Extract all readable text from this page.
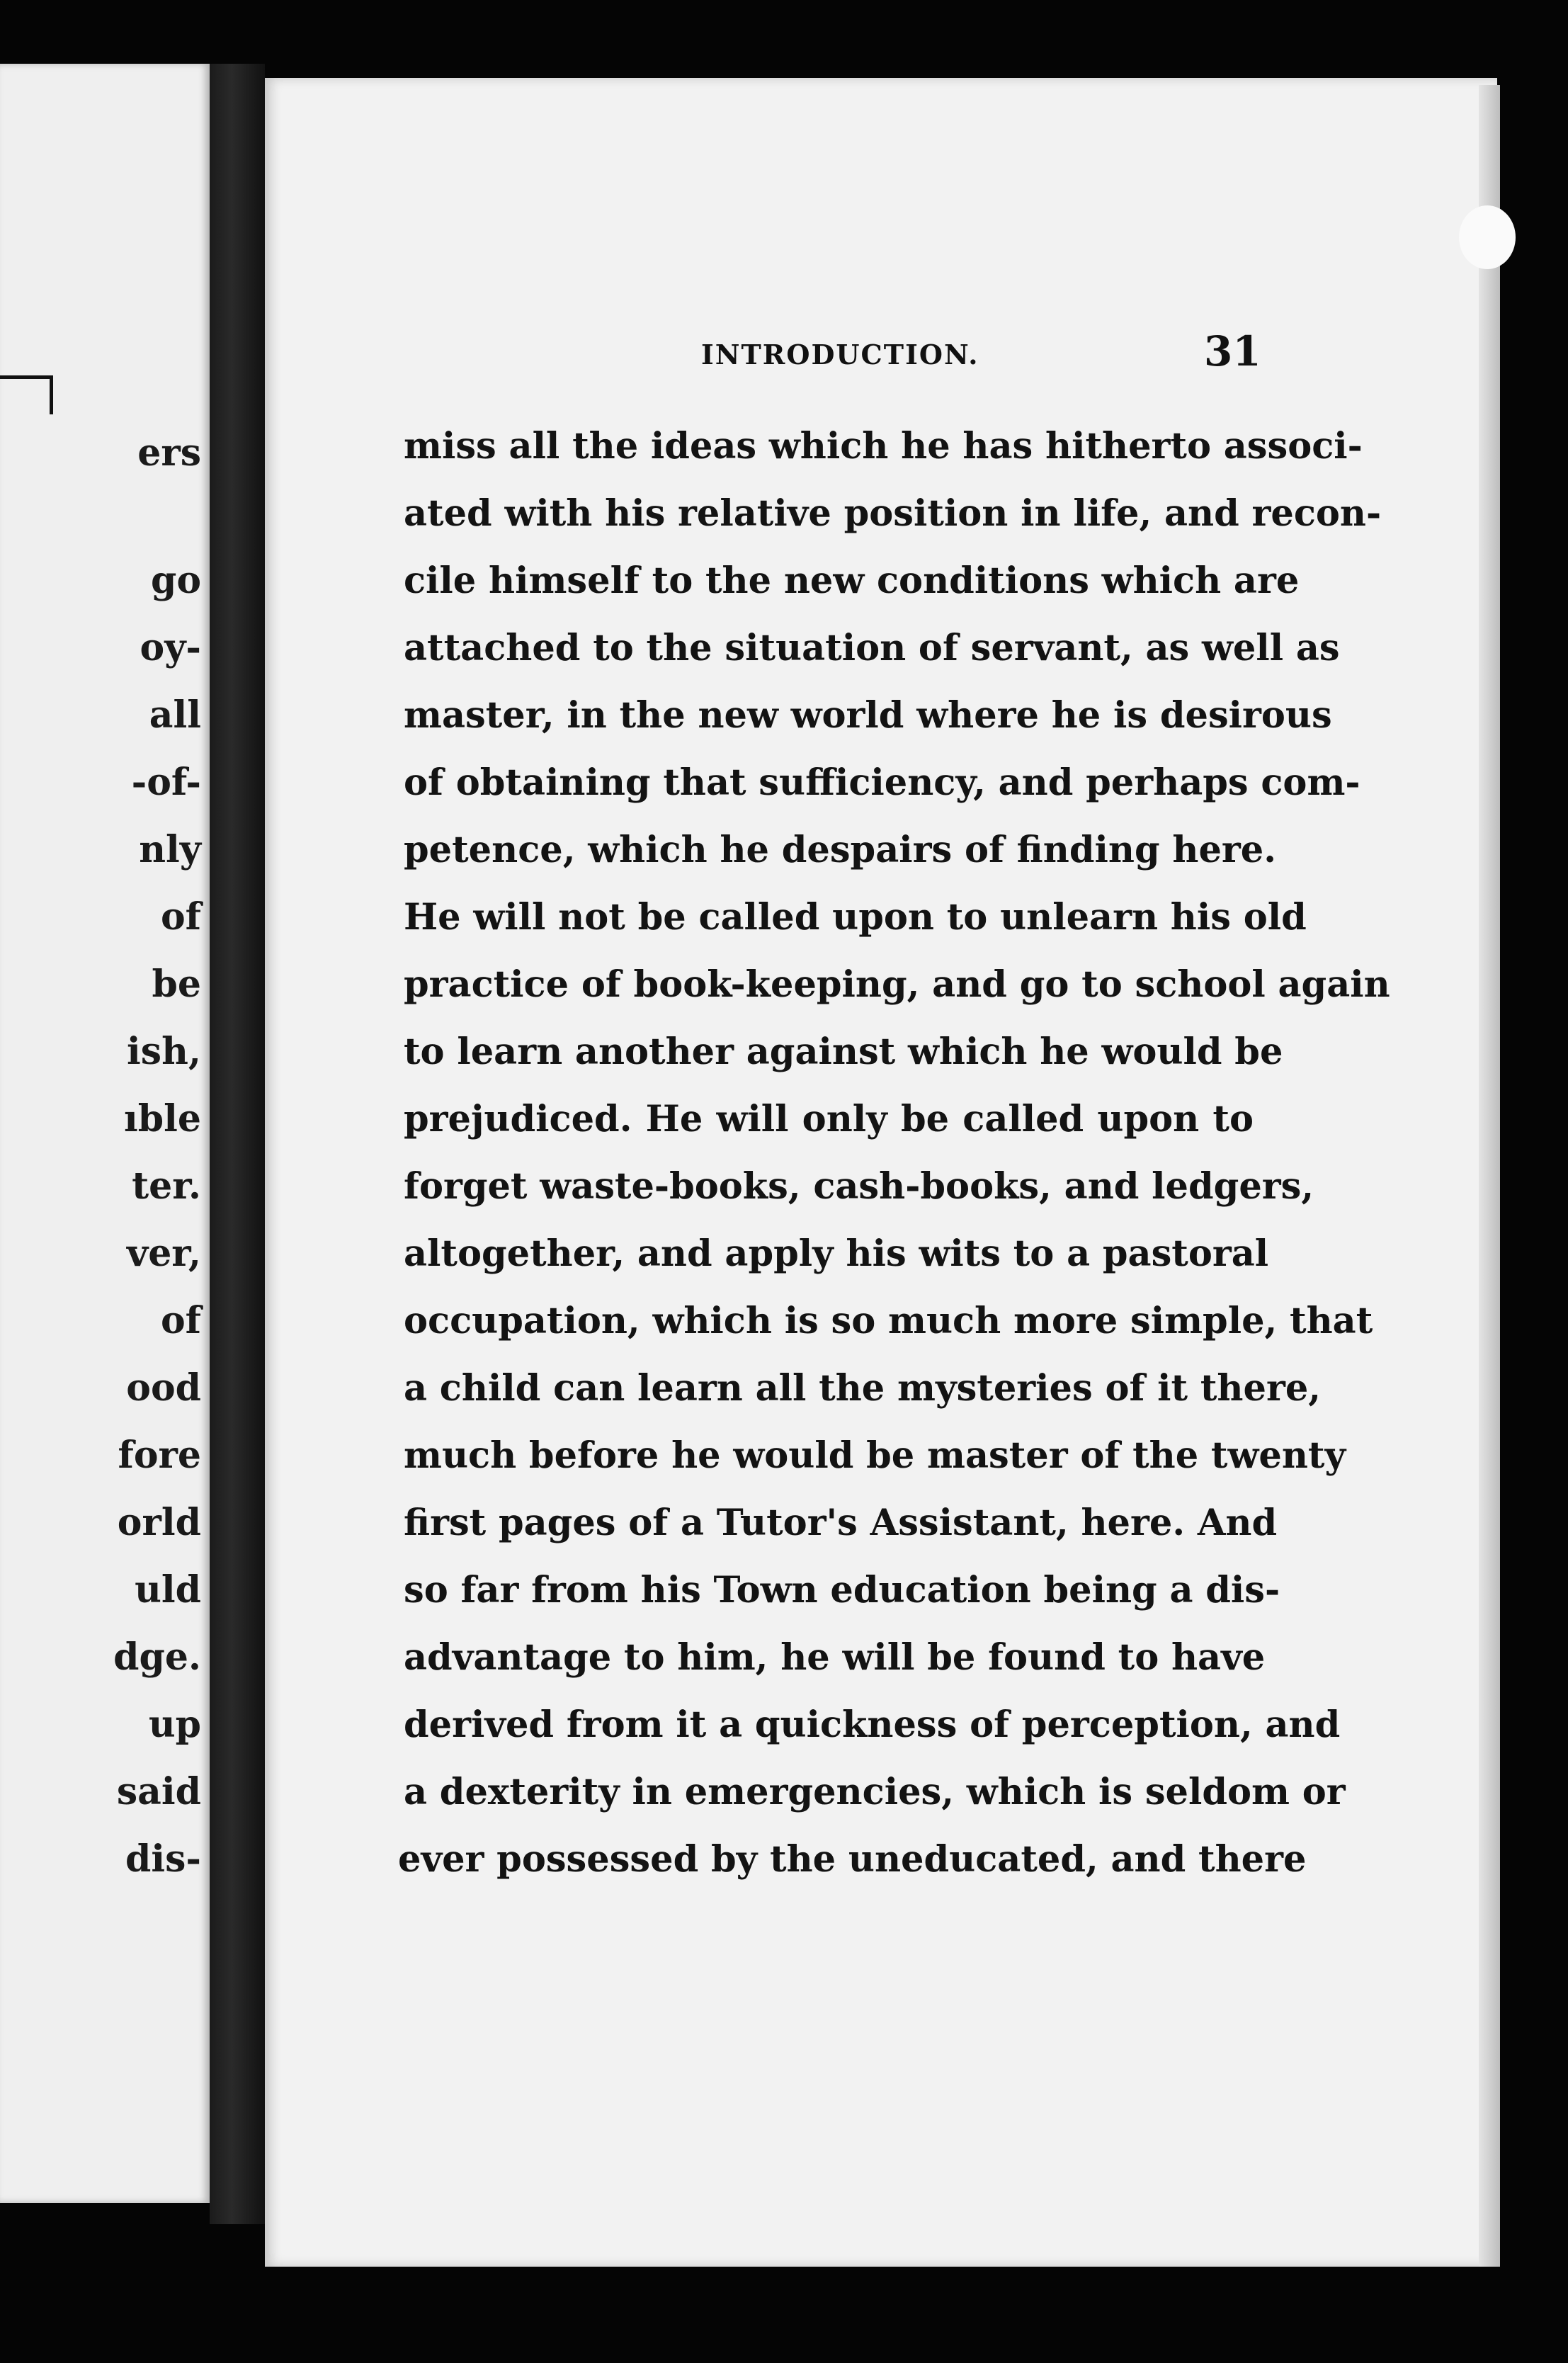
ers
go
oy-
all
-of-
nly
of
be
ish,
ıble
ter.
ver,
of
ood
fore
orld
uld
dge.
up
said
dis-
INTRODUCTION.	31
miss all the ideas which he has hitherto associ-
ated with his relative position in life, and recon-
cile himself to the new conditions which are
attached to the situation of servant, as well as
master, in the new world where he is desirous
of obtaining that sufficiency, and perhaps com-
petence, which he despairs of finding here.
He will not be called upon to unlearn his old
practice of book-keeping, and go to school again
to learn another against which he would be
prejudiced. He will only be called upon to
forget waste-books, cash-books, and ledgers,
altogether, and apply his wits to a pastoral
occupation, which is so much more simple, that
a child can learn all the mysteries of it there,
much before he would be master of the twenty
first pages of a Tutor's Assistant, here. And
so far from his Town education being a dis-
advantage to him, he will be found to have
derived from it a quickness of perception, and
a dexterity in emergencies, which is seldom or
ever possessed by the uneducated, and there
